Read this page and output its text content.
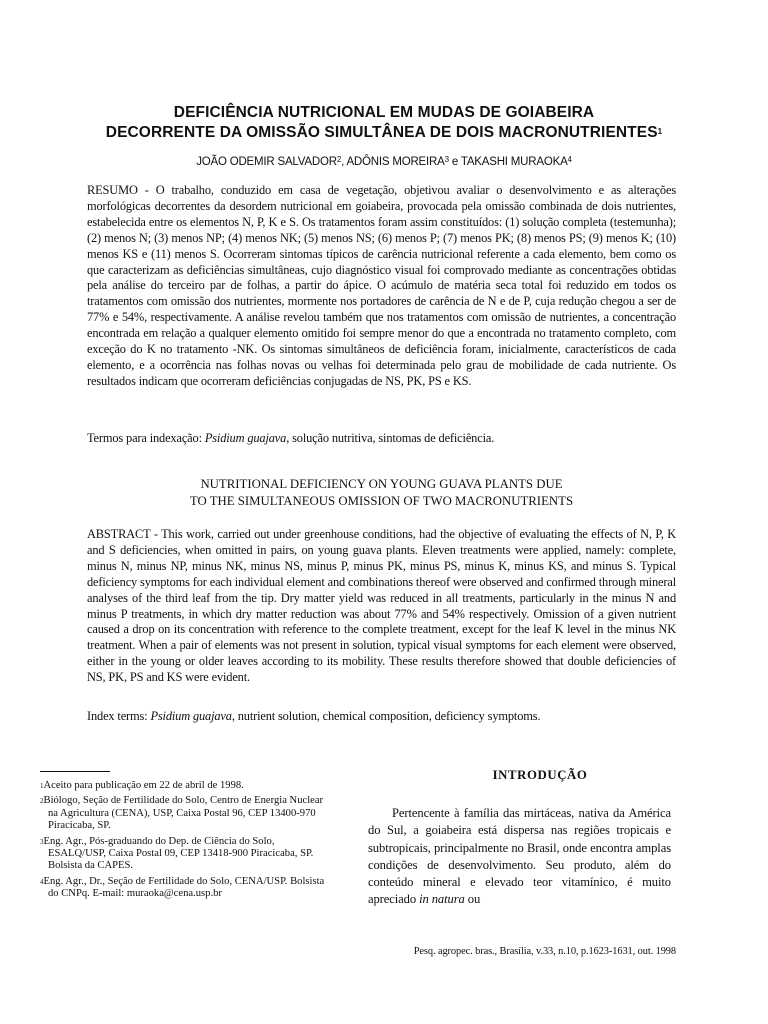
DEFICIÊNCIA NUTRICIONAL EM MUDAS DE GOIABEIRA
DECORRENTE DA OMISSÃO SIMULTÂNEA DE DOIS MACRONUTRIENTES$^1$
JOÃO ODEMIR SALVADOR$^2$, ADÔNIS MOREIRA$^3$ e TAKASHI MURAOKA$^4$
RESUMO - O trabalho, conduzido em casa de vegetação, objetivou avaliar o desenvolvimento e as alterações morfológicas decorrentes da desordem nutricional em goiabeira, provocada pela omissão combinada de dois nutrientes, estabelecida entre os elementos N, P, K e S. Os tratamentos foram assim constituídos: (1) solução completa (testemunha); (2) menos N; (3) menos NP; (4) menos NK; (5) menos NS; (6) menos P; (7) menos PK; (8) menos PS; (9) menos K; (10) menos KS e (11) menos S. Ocorreram sintomas típicos de carência nutricional referente a cada elemento, bem como os que caracterizam as deficiências simultâneas, cujo diagnóstico visual foi comprovado mediante as concentrações obtidas pela análise do terceiro par de folhas, a partir do ápice. O acúmulo de matéria seca total foi reduzido em todos os tratamentos com omissão dos nutrientes, mormente nos portadores de carência de N e de P, cuja redução chegou a ser de 77% e 54%, respectivamente. A análise revelou também que nos tratamentos com omissão de nutrientes, a concentração encontrada em relação a qualquer elemento omitido foi sempre menor do que a encontrada no tratamento completo, com exceção do K no tratamento -NK. Os sintomas simultâneos de deficiência foram, inicialmente, característicos de cada elemento, e a ocorrência nas folhas novas ou velhas foi determinada pelo grau de mobilidade de cada nutriente. Os resultados indicam que ocorreram deficiências conjugadas de NS, PK, PS e KS.
Termos para indexação: Psidium guajava, solução nutritiva, sintomas de deficiência.
NUTRITIONAL DEFICIENCY ON YOUNG GUAVA PLANTS DUE
TO THE SIMULTANEOUS OMISSION OF TWO MACRONUTRIENTS
ABSTRACT - This work, carried out under greenhouse conditions, had the objective of evaluating the effects of N, P, K and S deficiencies, when omitted in pairs, on young guava plants. Eleven treatments were applied, namely: complete, minus N, minus NP, minus NK, minus NS, minus P, minus PK, minus PS, minus K, minus KS, and minus S. Typical deficiency symptoms for each individual element and combinations thereof were observed and confirmed through mineral analyses of the third leaf from the tip. Dry matter yield was reduced in all treatments, particularly in the minus N and minus P treatments, in which dry matter reduction was about 77% and 54% respectively. Omission of a given nutrient caused a drop on its concentration with reference to the complete treatment, except for the leaf K level in the minus NK treatment. When a pair of elements was not present in solution, typical visual symptoms for each element were observed, either in the young or older leaves according to its mobility. These results therefore showed that double deficiencies of NS, PK, PS and KS were evident.
Index terms: Psidium guajava, nutrient solution, chemical composition, deficiency symptoms.
$^1$Aceito para publicação em 22 de abril de 1998.
$^2$Biólogo, Seção de Fertilidade do Solo, Centro de Energia Nuclear na Agricultura (CENA), USP, Caixa Postal 96, CEP 13400-970 Piracicaba, SP.
$^3$Eng. Agr., Pós-graduando do Dep. de Ciência do Solo, ESALQ/USP, Caixa Postal 09, CEP 13418-900 Piracicaba, SP. Bolsista da CAPES.
$^4$Eng. Agr., Dr., Seção de Fertilidade do Solo, CENA/USP. Bolsista do CNPq. E-mail: muraoka@cena.usp.br
INTRODUÇÃO
Pertencente à família das mirtáceas, nativa da América do Sul, a goiabeira está dispersa nas regiões tropicais e subtropicais, principalmente no Brasil, onde encontra amplas condições de desenvolvimento. Seu produto, além do conteúdo mineral e elevado teor vitamínico, é muito apreciado in natura ou
Pesq. agropec. bras., Brasília, v.33, n.10, p.1623-1631, out. 1998
